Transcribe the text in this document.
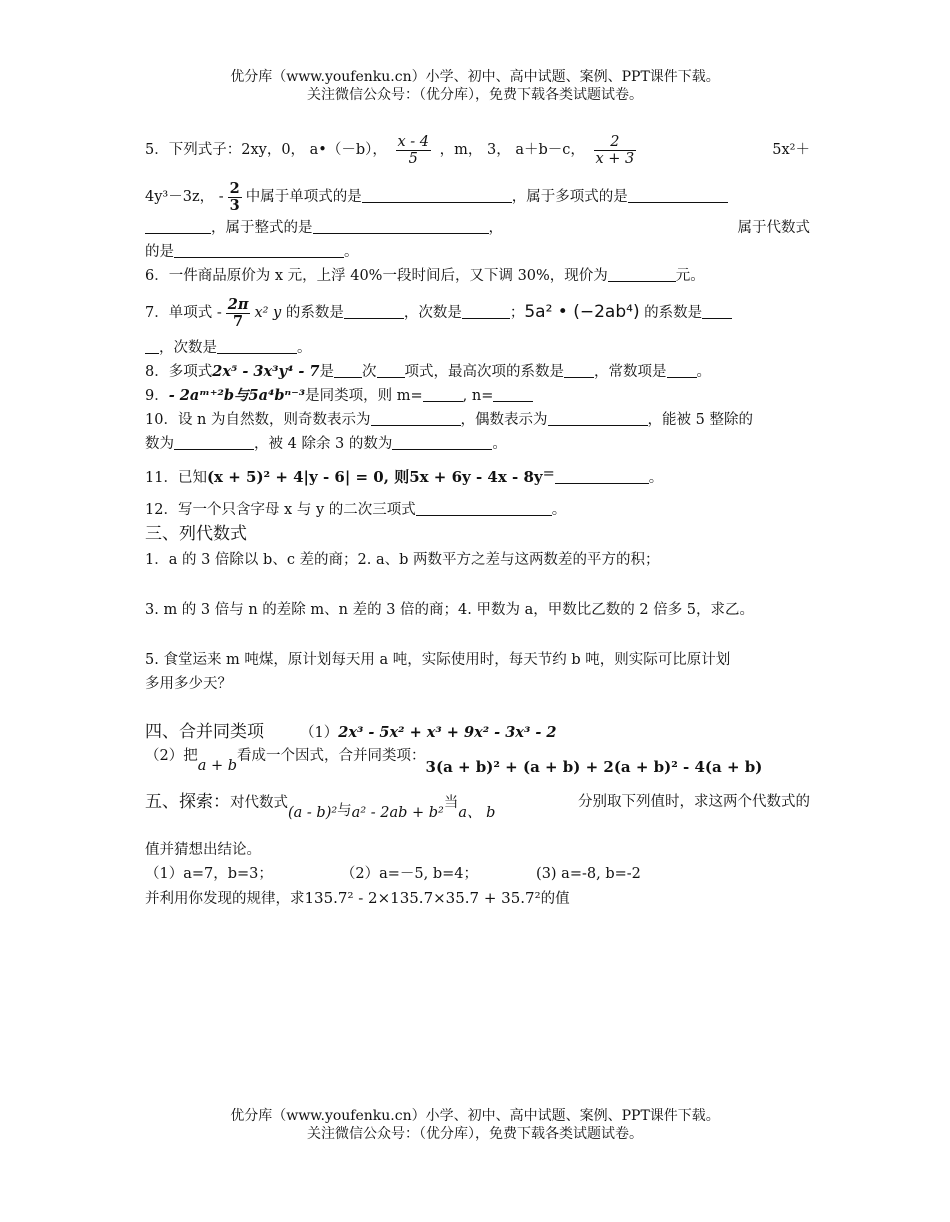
优分库（www.youfenku.cn）小学、初中、高中试题、案例、PPT课件下载。
关注微信公众号：（优分库），免费下载各类试题试卷。
5．下列式子：2xy，0， a•（－b）， $\frac{x - 4}{5}$ ，m， 3， a＋b－c， $\frac{2}{x + 3}$	5x²＋
4y³－3z， - $\frac{2}{3}$ 中属于单项式的是	，属于多项式的是
，属于整式的是	，	属于代数式
的是	。
6．一件商品原价为 x 元，上浮 40%一段时间后，又下调 30%，现价为	元。
7．单项式 - $\frac{2\pi}{7} x^2$ y 的系数是	，次数是	；5a² • (−2ab⁴) 的系数是
，次数是	。
8．多项式2x⁵ - 3x³y⁴ - 7是 次 项式，最高次项的系数是 ，常数项是 。
9．- 2aᵐ⁺²b与5a⁴bⁿ⁻³是同类项，则 m=	, n=
10．设 n 为自然数，则奇数表示为	，偶数表示为	，能被 5 整除的
数为	，被 4 除余 3 的数为	。
11．已知(x + 5)² + 4|y - 6| = 0, 则5x + 6y - 4x - 8y=	。
12．写一个只含字母 x 与 y 的二次三项式	。
三、列代数式
1．a 的 3 倍除以 b、c 差的商；2. a、b 两数平方之差与这两数差的平方的积；
3. m 的 3 倍与 n 的差除 m、n 差的 3 倍的商；4. 甲数为 a，甲数比乙数的 2 倍多 5，求乙。
5. 食堂运来 m 吨煤，原计划每天用 a 吨，实际使用时，每天节约 b 吨，则实际可比原计划
多用多少天？
四、合并同类项 （1）2x³ - 5x² + x³ + 9x² - 3x³ - 2
（2）把a + b看成一个因式，合并同类项：3(a + b)² + (a + b) + 2(a + b)² - 4(a + b)
五、探索：对代数式(a - b)²与a² - 2ab + b²当a、 b
分别取下列值时，求这两个代数式的
值并猜想出结论。
（1）a=7，b=3；	（2）a=－5, b=4；	(3) a=-8, b=-2
并利用你发现的规律，求135.7² - 2×135.7×35.7 + 35.7²的值
优分库（www.youfenku.cn）小学、初中、高中试题、案例、PPT课件下载。
关注微信公众号：（优分库），免费下载各类试题试卷。
